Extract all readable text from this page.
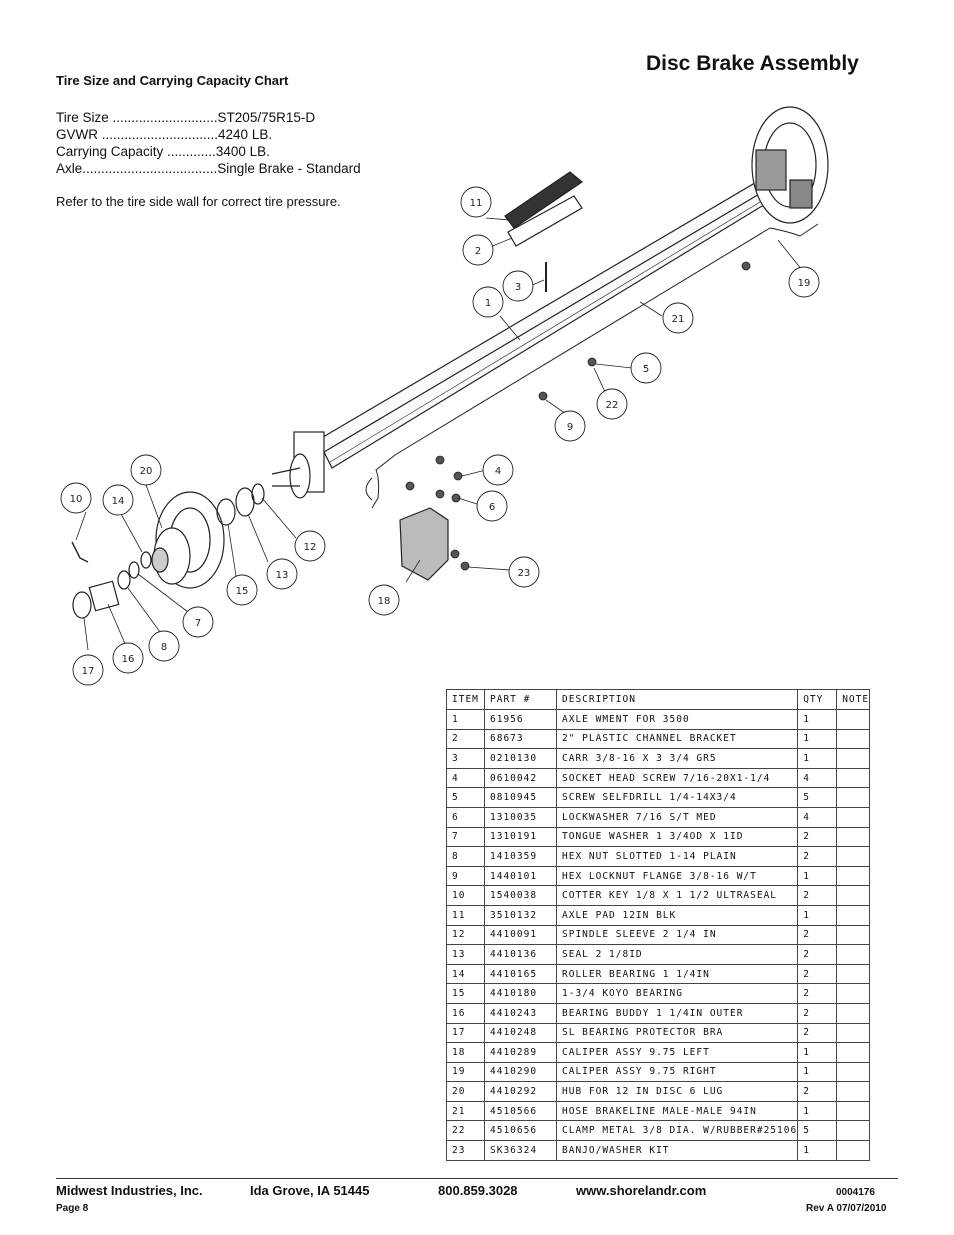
Disc Brake Assembly
Tire Size and Carrying Capacity Chart
Tire Size ............................ST205/75R15-D
GVWR ...............................4240 LB.
Carrying Capacity .............3400 LB.
Axle....................................Single Brake - Standard
Refer to the tire side wall for correct tire pressure.	11
2
3
1
21
19
5
22
9
4
6
23
18
20
10	14
12
13
15
7
8
16
17
ITEM	PART #	DESCRIPTION	QTY	NOTE
1	61956	AXLE WMENT FOR 3500	1	
2	68673	2" PLASTIC CHANNEL BRACKET	1	
3	0210130	CARR 3/8-16 X 3 3/4 GR5	1	
4	0610042	SOCKET HEAD SCREW 7/16-20X1-1/4	4	
5	0810945	SCREW SELFDRILL 1/4-14X3/4	5	
6	1310035	LOCKWASHER 7/16 S/T MED	4	
7	1310191	TONGUE WASHER 1 3/4OD X 1ID	2	
8	1410359	HEX NUT SLOTTED 1-14 PLAIN	2	
9	1440101	HEX LOCKNUT FLANGE 3/8-16 W/T	1	
10	1540038	COTTER KEY 1/8 X 1 1/2 ULTRASEAL	2	
11	3510132	AXLE PAD 12IN BLK	1	
12	4410091	SPINDLE SLEEVE 2 1/4 IN	2	
13	4410136	SEAL 2 1/8ID	2	
14	4410165	ROLLER BEARING 1 1/4IN	2	
15	4410180	1-3/4 KOYO BEARING	2	
16	4410243	BEARING BUDDY 1 1/4IN OUTER	2	
17	4410248	SL BEARING PROTECTOR BRA	2	
18	4410289	CALIPER ASSY 9.75 LEFT	1	
19	4410290	CALIPER ASSY 9.75 RIGHT	1	
20	4410292	HUB FOR 12 IN DISC 6 LUG	2	
21	4510566	HOSE BRAKELINE MALE-MALE 94IN	1	
22	4510656	CLAMP METAL 3/8 DIA. W/RUBBER#25106	5	
23	SK36324	BANJO/WASHER KIT	1	
Midwest Industries, Inc.	Ida Grove, IA 51445	800.859.3028	www.shorelandr.com	0004176
Page 8	Rev A 07/07/2010
